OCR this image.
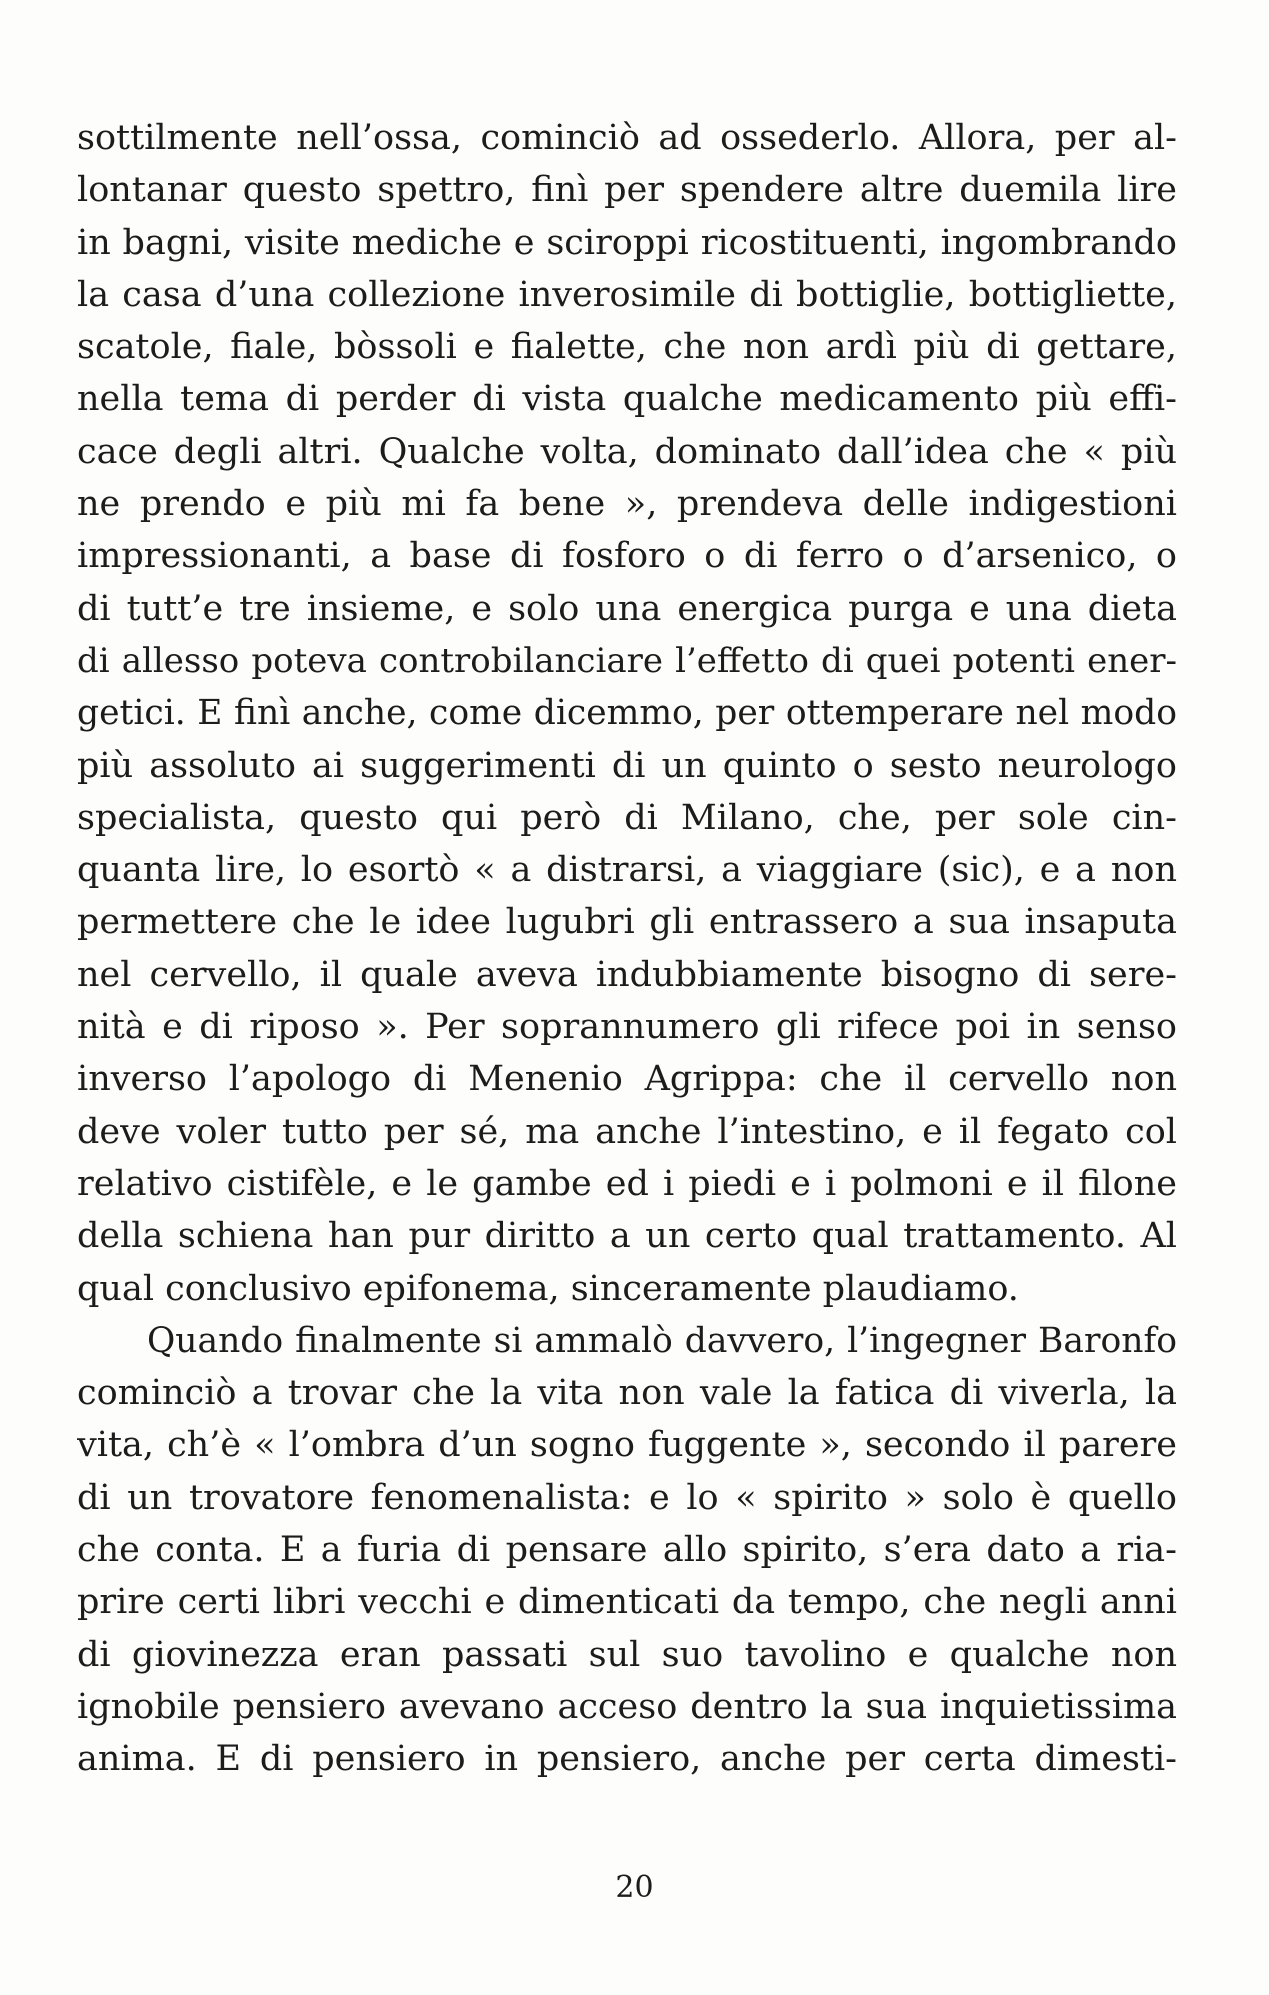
sottilmente nell’ossa, cominciò ad ossederlo. Allora, per al-
lontanar questo spettro, finì per spendere altre duemila lire
in bagni, visite mediche e sciroppi ricostituenti, ingombrando
la casa d’una collezione inverosimile di bottiglie, bottigliette,
scatole, fiale, bòssoli e fialette, che non ardì più di gettare,
nella tema di perder di vista qualche medicamento più effi-
cace degli altri. Qualche volta, dominato dall’idea che « più
ne prendo e più mi fa bene », prendeva delle indigestioni
impressionanti, a base di fosforo o di ferro o d’arsenico, o
di tutt’e tre insieme, e solo una energica purga e una dieta
di allesso poteva controbilanciare l’effetto di quei potenti ener-
getici. E finì anche, come dicemmo, per ottemperare nel modo
più assoluto ai suggerimenti di un quinto o sesto neurologo
specialista, questo qui però di Milano, che, per sole cin-
quanta lire, lo esortò « a distrarsi, a viaggiare (sic), e a non
permettere che le idee lugubri gli entrassero a sua insaputa
nel cervello, il quale aveva indubbiamente bisogno di sere-
nità e di riposo ». Per soprannumero gli rifece poi in senso
inverso l’apologo di Menenio Agrippa: che il cervello non
deve voler tutto per sé, ma anche l’intestino, e il fegato col
relativo cistifèle, e le gambe ed i piedi e i polmoni e il filone
della schiena han pur diritto a un certo qual trattamento. Al
qual conclusivo epifonema, sinceramente plaudiamo.
Quando finalmente si ammalò davvero, l’ingegner Baronfo
cominciò a trovar che la vita non vale la fatica di viverla, la
vita, ch’è « l’ombra d’un sogno fuggente », secondo il parere
di un trovatore fenomenalista: e lo « spirito » solo è quello
che conta. E a furia di pensare allo spirito, s’era dato a ria-
prire certi libri vecchi e dimenticati da tempo, che negli anni
di giovinezza eran passati sul suo tavolino e qualche non
ignobile pensiero avevano acceso dentro la sua inquietissima
anima. E di pensiero in pensiero, anche per certa dimesti-
20
